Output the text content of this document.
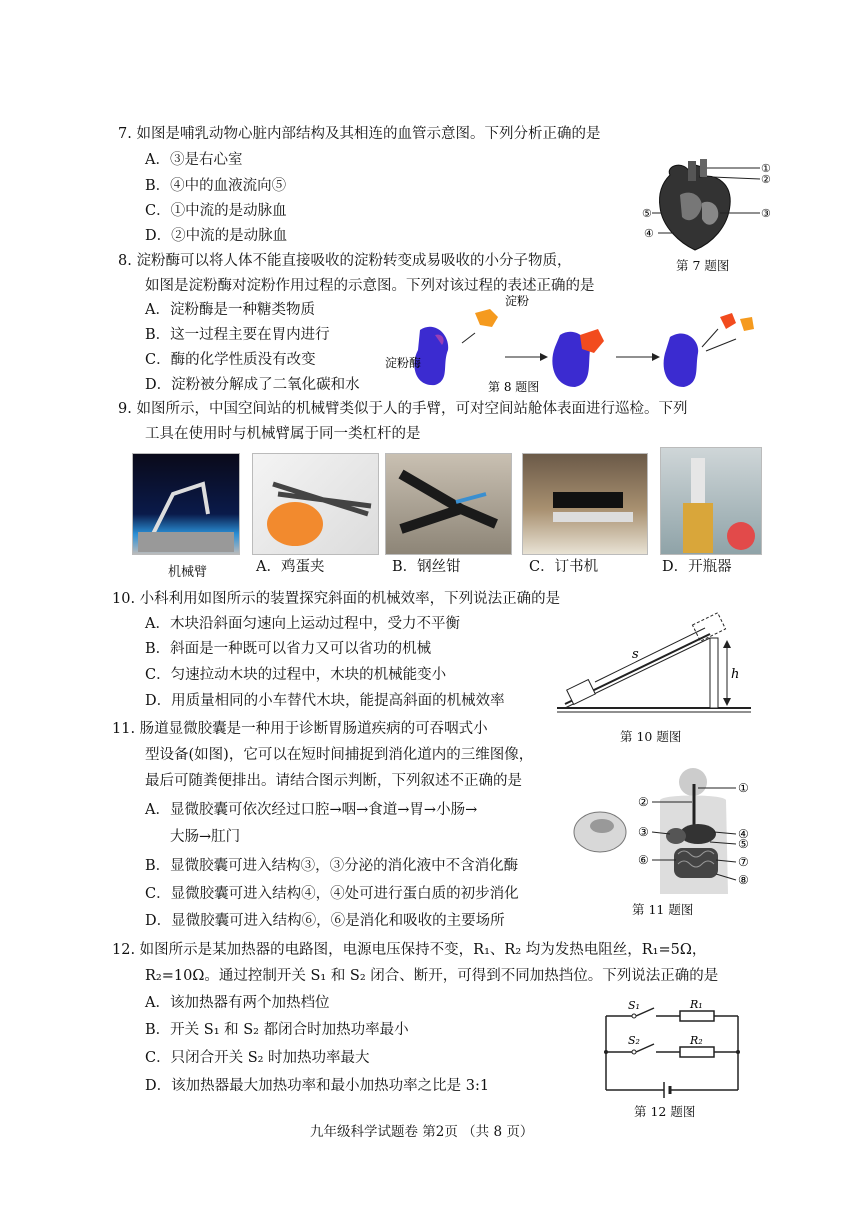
7. 如图是哺乳动物心脏内部结构及其相连的血管示意图。下列分析正确的是
A．③是右心室
B．④中的血液流向⑤
C．①中流的是动脉血
D．②中流的是动脉血
①
②
③
④
⑤
第 7 题图
8. 淀粉酶可以将人体不能直接吸收的淀粉转变成易吸收的小分子物质，
如图是淀粉酶对淀粉作用过程的示意图。下列对该过程的表述正确的是
A．淀粉酶是一种糖类物质
B．这一过程主要在胃内进行
C．酶的化学性质没有改变
D．淀粉被分解成了二氧化碳和水
淀粉
淀粉酶
第 8 题图
9. 如图所示，中国空间站的机械臂类似于人的手臂，可对空间站舱体表面进行巡检。下列
工具在使用时与机械臂属于同一类杠杆的是
机械臂	A．鸡蛋夹	B．钢丝钳	C．订书机	D．开瓶器
10. 小科利用如图所示的装置探究斜面的机械效率，下列说法正确的是
A．木块沿斜面匀速向上运动过程中，受力不平衡
B．斜面是一种既可以省力又可以省功的机械
C．匀速拉动木块的过程中，木块的机械能变小
D．用质量相同的小车替代木块，能提高斜面的机械效率
h
s
第 10 题图
11. 肠道显微胶囊是一种用于诊断胃肠道疾病的可吞咽式小
型设备(如图)，它可以在短时间捕捉到消化道内的三维图像，
最后可随粪便排出。请结合图示判断，下列叙述不正确的是
A．显微胶囊可依次经过口腔→咽→食道→胃→小肠→
大肠→肛门
B．显微胶囊可进入结构③，③分泌的消化液中不含消化酶
C．显微胶囊可进入结构④，④处可进行蛋白质的初步消化
D．显微胶囊可进入结构⑥，⑥是消化和吸收的主要场所
①
②
③	④
⑤
⑥	⑦
⑧
第 11 题图
12. 如图所示是某加热器的电路图，电源电压保持不变，R₁、R₂ 均为发热电阻丝，R₁=5Ω，
R₂=10Ω。通过控制开关 S₁ 和 S₂ 闭合、断开，可得到不同加热挡位。下列说法正确的是
A．该加热器有两个加热档位
B．开关 S₁ 和 S₂ 都闭合时加热功率最小
C．只闭合开关 S₂ 时加热功率最大
D．该加热器最大加热功率和最小加热功率之比是 3:1
S₁	R₁
S₂	R₂
第 12 题图
九年级科学试题卷 第2页 （共 8 页）
